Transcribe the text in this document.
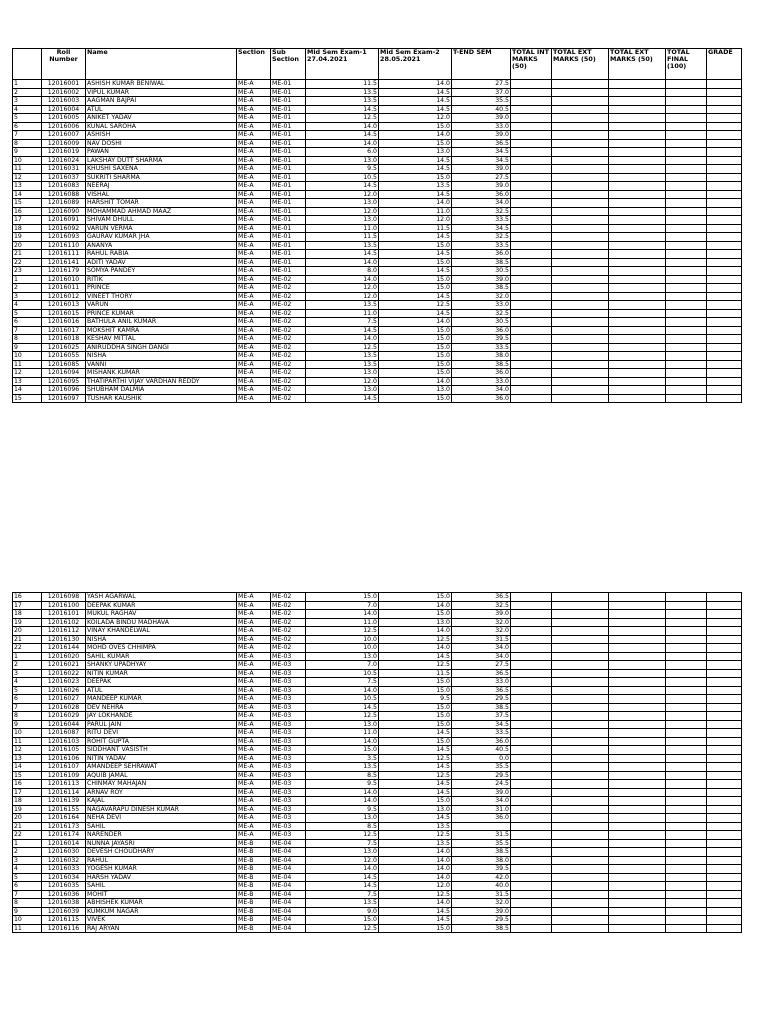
	Roll Number	Name	Section	Sub Section	Mid Sem Exam-1 27.04.2021	Mid Sem Exam-2 28.05.2021	T-END SEM	TOTAL INT MARKS (50)	TOTAL EXT MARKS (50)	TOTAL EXT MARKS (50)	TOTAL FINAL (100)	GRADE
1	12016001	ASHISH KUMAR BENIWAL	ME-A	ME-01	11.5	14.0	27.5					
2	12016002	VIPUL KUMAR	ME-A	ME-01	13.5	14.5	37.0					
3	12016003	AAGMAN BAJPAI	ME-A	ME-01	13.5	14.5	35.5					
4	12016004	ATUL	ME-A	ME-01	14.5	14.5	40.5					
5	12016005	ANIKET YADAV	ME-A	ME-01	12.5	12.0	39.0					
6	12016006	KUNAL SAROHA	ME-A	ME-01	14.0	15.0	33.0					
7	12016007	ASHISH	ME-A	ME-01	14.5	14.0	39.0					
8	12016009	NAV DOSHI	ME-A	ME-01	14.0	15.0	36.5					
9	12016019	PAWAN	ME-A	ME-01	6.0	13.0	34.5					
10	12016024	LAKSHAY DUTT SHARMA	ME-A	ME-01	13.0	14.5	34.5					
11	12016031	KHUSHI SAXENA	ME-A	ME-01	9.5	14.5	39.0					
12	12016037	SUKRITI SHARMA	ME-A	ME-01	10.5	15.0	27.5					
13	12016083	NEERAJ	ME-A	ME-01	14.5	13.5	39.0					
14	12016088	VISHAL	ME-A	ME-01	12.0	14.5	36.0					
15	12016089	HARSHIT TOMAR	ME-A	ME-01	13.0	14.0	34.0					
16	12016090	MOHAMMAD AHMAD MAAZ	ME-A	ME-01	12.0	11.0	32.5					
17	12016091	SHIVAM DHULL	ME-A	ME-01	13.0	12.0	33.5					
18	12016092	VARUN VERMA	ME-A	ME-01	11.0	11.5	34.5					
19	12016093	GAURAV KUMAR JHA	ME-A	ME-01	11.5	14.5	32.5					
20	12016110	ANANYA	ME-A	ME-01	13.5	15.0	33.5					
21	12016111	RAHUL RABIA	ME-A	ME-01	14.5	14.5	36.0					
22	12016141	ADITI YADAV	ME-A	ME-01	14.0	15.0	38.5					
23	12016179	SOMYA PANDEY	ME-A	ME-01	8.0	14.5	30.5					
1	12016010	RITIK	ME-A	ME-02	14.0	15.0	39.0					
2	12016011	PRINCE	ME-A	ME-02	12.0	15.0	38.5					
3	12016012	VINEET THORY	ME-A	ME-02	12.0	14.5	32.0					
4	12016013	VARUN	ME-A	ME-02	13.5	12.5	33.0					
5	12016015	PRINCE KUMAR	ME-A	ME-02	11.0	14.5	32.5					
6	12016016	BATHULA ANIL KUMAR	ME-A	ME-02	7.5	14.0	30.5					
7	12016017	MOKSHIT KAMRA	ME-A	ME-02	14.5	15.0	36.0					
8	12016018	KESHAV MITTAL	ME-A	ME-02	14.0	15.0	39.5					
9	12016025	ANIRUDDHA SINGH DANGI	ME-A	ME-02	12.5	15.0	33.5					
10	12016055	NISHA	ME-A	ME-02	13.5	15.0	38.0					
11	12016085	VANNI	ME-A	ME-02	13.5	15.0	38.5					
12	12016094	MISHANK KUMAR	ME-A	ME-02	13.0	15.0	36.0					
13	12016095	THATIPARTHI VIJAY VARDHAN REDDY	ME-A	ME-02	12.0	14.0	33.0					
14	12016096	SHUBHAM DALMIA	ME-A	ME-02	13.0	13.0	34.0					
15	12016097	TUSHAR KAUSHIK	ME-A	ME-02	14.5	15.0	36.0					
16	12016098	YASH AGARWAL	ME-A	ME-02	15.0	15.0	36.5					
17	12016100	DEEPAK KUMAR	ME-A	ME-02	7.0	14.0	32.5					
18	12016101	MUKUL RAGHAV	ME-A	ME-02	14.0	15.0	39.0					
19	12016102	KOILADA BINDU MADHAVA	ME-A	ME-02	11.0	13.0	32.0					
20	12016112	VINAY KHANDELWAL	ME-A	ME-02	12.5	14.0	32.0					
21	12016130	NISHA	ME-A	ME-02	10.0	12.5	31.5					
22	12016144	MOHD OVES CHHIMPA	ME-A	ME-02	10.0	14.0	34.0					
1	12016020	SAHIL KUMAR	ME-A	ME-03	13.0	14.5	34.0					
2	12016021	SHANKY UPADHYAY	ME-A	ME-03	7.0	12.5	27.5					
3	12016022	NITIN KUMAR	ME-A	ME-03	10.5	11.5	36.5					
4	12016023	DEEPAK	ME-A	ME-03	7.5	15.0	33.0					
5	12016026	ATUL	ME-A	ME-03	14.0	15.0	36.5					
6	12016027	MANDEEP KUMAR	ME-A	ME-03	10.5	9.5	29.5					
7	12016028	DEV NEHRA	ME-A	ME-03	14.5	15.0	38.5					
8	12016029	JAY LOKHANDE	ME-A	ME-03	12.5	15.0	37.5					
9	12016044	PARUL JAIN	ME-A	ME-03	13.0	15.0	34.5					
10	12016087	RITU DEVI	ME-A	ME-03	11.0	14.5	33.5					
11	12016103	ROHIT GUPTA	ME-A	ME-03	14.0	15.0	36.0					
12	12016105	SIDDHANT VASISTH	ME-A	ME-03	15.0	14.5	40.5					
13	12016106	NITIN YADAV	ME-A	ME-03	3.5	12.5	0.0					
14	12016107	AMANDEEP SEHRAWAT	ME-A	ME-03	13.5	14.5	35.5					
15	12016109	AQUIB JAMAL	ME-A	ME-03	8.5	12.5	29.5					
16	12016113	CHINMAY MAHAJAN	ME-A	ME-03	9.5	14.5	24.5					
17	12016114	ARNAV ROY	ME-A	ME-03	14.0	14.5	39.0					
18	12016139	KAJAL	ME-A	ME-03	14.0	15.0	34.0					
19	12016155	NAGAVARAPU DINESH KUMAR	ME-A	ME-03	9.5	13.0	31.0					
20	12016164	NEHA DEVI	ME-A	ME-03	13.0	14.5	36.0					
21	12016173	SAHIL	ME-A	ME-03	8.5	13.5						
22	12016174	NARENDER	ME-A	ME-03	12.5	12.5	31.5					
1	12016014	NUNNA JAYASRI	ME-B	ME-04	7.5	13.5	35.5					
2	12016030	DEVESH CHOUDHARY	ME-B	ME-04	13.0	14.0	38.5					
3	12016032	RAHUL	ME-B	ME-04	12.0	14.0	38.0					
4	12016033	YOGESH KUMAR	ME-B	ME-04	14.0	14.0	39.5					
5	12016034	HARSH YADAV	ME-B	ME-04	14.5	14.0	42.0					
6	12016035	SAHIL	ME-B	ME-04	14.5	12.0	40.0					
7	12016036	MOHIT	ME-B	ME-04	7.5	12.5	31.5					
8	12016038	ABHISHEK KUMAR	ME-B	ME-04	13.5	14.0	32.0					
9	12016039	KUMKUM NAGAR	ME-B	ME-04	9.0	14.5	39.0					
10	12016115	VIVEK	ME-B	ME-04	15.0	14.5	29.5					
11	12016116	RAJ ARYAN	ME-B	ME-04	12.5	15.0	38.5					
